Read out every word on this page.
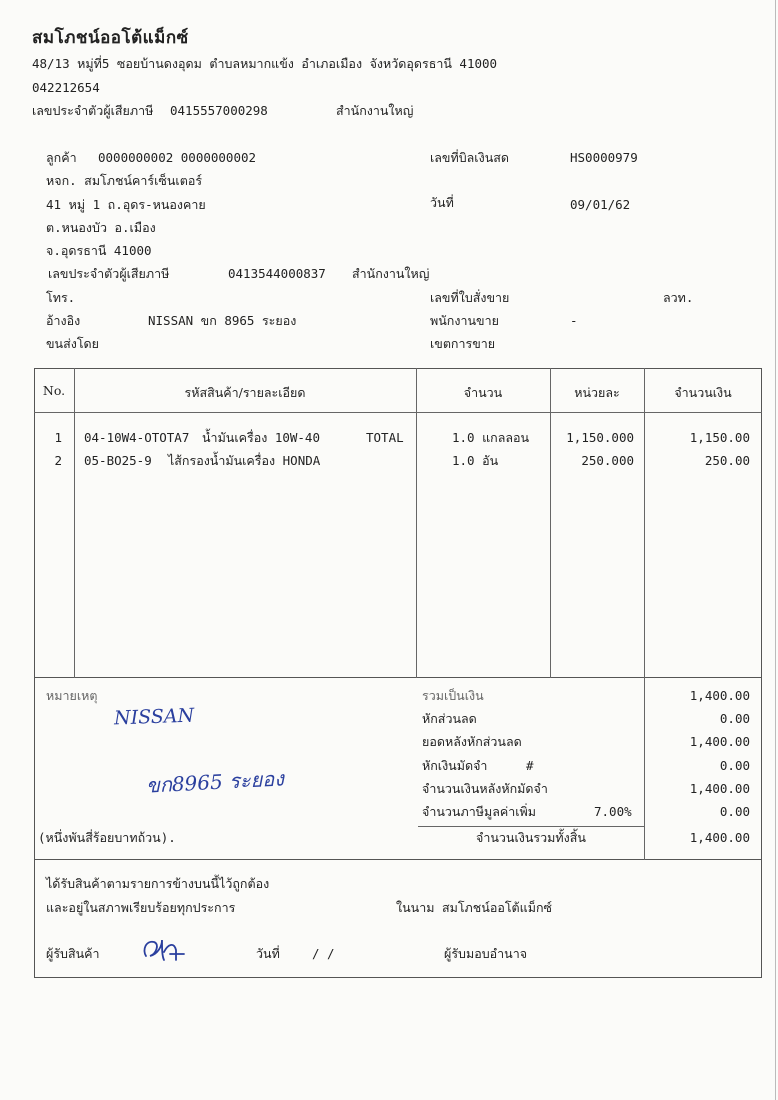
สมโภชน์ออโต้แม็กซ์
48/13 หมู่ที่5 ซอยบ้านดงอุดม ตำบลหมากแข้ง อำเภอเมือง จังหวัดอุดรธานี 41000
042212654
เลขประจำตัวผู้เสียภาษี 0415557000298	สำนักงานใหญ่
ลูกค้า 0000000002 0000000002
หจก. สมโภชน์คาร์เซ็นเตอร์
41 หมู่ 1 ถ.อุดร-หนองคาย
ต.หนองบัว อ.เมือง
จ.อุดรธานี 41000
เลขประจำตัวผู้เสียภาษี	0413544000837 สำนักงานใหญ่
โทร.
อ้างอิง	NISSAN ขก 8965 ระยอง
ขนส่งโดย
เลขที่บิลเงินสด	HS0000979
วันที่	09/01/62
เลขที่ใบสั่งขาย	ลวท.
พนักงานขาย	-
เขตการขาย
No.	รหัสสินค้า/รายละเอียด	จำนวน	หน่วยละ	จำนวนเงิน
1 04-10W4-OTOTA7 น้ำมันเครื่อง 10W-40	TOTAL	1.0 แกลลอน	1,150.000	1,150.00
2 05-BO25-9 ไส้กรองน้ำมันเครื่อง HONDA	1.0 อัน	250.000	250.00
หมายเหตุ	รวมเป็นเงิน	1,400.00
หักส่วนลด	0.00
ยอดหลังหักส่วนลด	1,400.00
หักเงินมัดจำ	#	0.00
จำนวนเงินหลังหักมัดจำ	1,400.00
จำนวนภาษีมูลค่าเพิ่ม	7.00%	0.00
(หนึ่งพันสี่ร้อยบาทถ้วน).	จำนวนเงินรวมทั้งสิ้น	1,400.00
NISSAN
ขก8965 ระยอง
ได้รับสินค้าตามรายการข้างบนนี้ไว้ถูกต้อง
และอยู่ในสภาพเรียบร้อยทุกประการ	ในนาม สมโภชน์ออโต้แม็กซ์
ผู้รับสินค้า	วันที่	/ /	ผู้รับมอบอำนาจ
